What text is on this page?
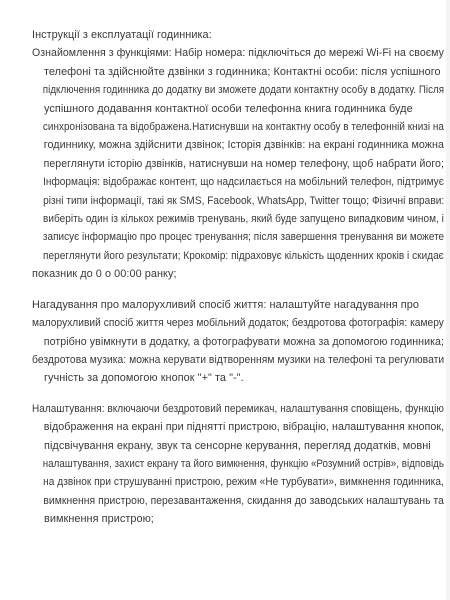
Інструкції з експлуатації годинника:
Ознайомлення з функціями: Набір номера: підключіться до мережі Wi-Fi на своєму
телефоні та здійснюйте дзвінки з годинника; Контактні особи: після успішного
підключення годинника до додатку ви зможете додати контактну особу в додатку. Після
успішного додавання контактної особи телефонна книга годинника буде
синхронізована та відображена.Натиснувши на контактну особу в телефонній книзі на
годиннику, можна здійснити дзвінок; Історія дзвінків: на екрані годинника можна
переглянути історію дзвінків, натиснувши на номер телефону, щоб набрати його;
Інформація: відображає контент, що надсилається на мобільний телефон, підтримує
різні типи інформації, такі як SMS, Facebook, WhatsApp, Twitter тощо; Фізичні вправи:
виберіть один із кількох режимів тренувань, який буде запущено випадковим чином, і
записує інформацію про процес тренування; після завершення тренування ви можете
переглянути його результати; Крокомір: підраховує кількість щоденних кроків і скидає
показник до 0 о 00:00 ранку;
Нагадування про малорухливий спосіб життя: налаштуйте нагадування про
малорухливий спосіб життя через мобільний додаток; бездротова фотографія: камеру
потрібно увімкнути в додатку, а фотографувати можна за допомогою годинника;
бездротова музика: можна керувати відтворенням музики на телефоні та регулювати
гучність за допомогою кнопок "+" та "-".
Налаштування: включаючи бездротовий перемикач, налаштування сповіщень, функцію
відображення на екрані при піднятті пристрою, вібрацію, налаштування кнопок,
підсвічування екрану, звук та сенсорне керування, перегляд додатків, мовні
налаштування, захист екрану та його вимкнення, функцію «Розумний острів», відповідь
на дзвінок при струшуванні пристрою, режим «Не турбувати», вимкнення годинника,
вимкнення пристрою, перезавантаження, скидання до заводських налаштувань та
вимкнення пристрою;
